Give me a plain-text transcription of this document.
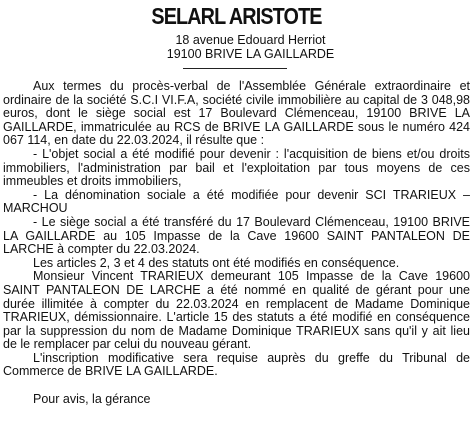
SELARL ARISTOTE
18 avenue Edouard Herriot
19100 BRIVE LA GAILLARDE

Aux termes du procès-verbal de l'Assemblée Générale extraordinaire et ordinaire de la société S.C.I VI.F.A, société civile immobilière au capital de 3 048,98 euros, dont le siège social est 17 Boulevard Clémenceau, 19100 BRIVE LA GAILLARDE, immatriculée au RCS de BRIVE LA GAILLARDE sous le numéro 424 067 114, en date du 22.03.2024, il résulte que :

- L'objet social a été modifié pour devenir : l'acquisition de biens et/ou droits immobiliers, l'administration par bail et l'exploitation par tous moyens de ces immeubles et droits immobiliers,

- La dénomination sociale a été modifiée pour devenir SCI TRARIEUX – MARCHOU

- Le siège social a été transféré du 17 Boulevard Clémenceau, 19100 BRIVE LA GAILLARDE au 105 Impasse de la Cave 19600 SAINT PANTALEON DE LARCHE à compter du 22.03.2024.

Les articles 2, 3 et 4 des statuts ont été modifiés en conséquence.

Monsieur Vincent TRARIEUX demeurant 105 Impasse de la Cave 19600 SAINT PANTALEON DE LARCHE a été nommé en qualité de gérant pour une durée illimitée à compter du 22.03.2024 en remplacent de Madame Dominique TRARIEUX, démissionnaire. L'article 15 des statuts a été modifié en conséquence par la suppression du nom de Madame Dominique TRARIEUX sans qu'il y ait lieu de le remplacer par celui du nouveau gérant.

L'inscription modificative sera requise auprès du greffe du Tribunal de Commerce de BRIVE LA GAILLARDE.

Pour avis, la gérance
